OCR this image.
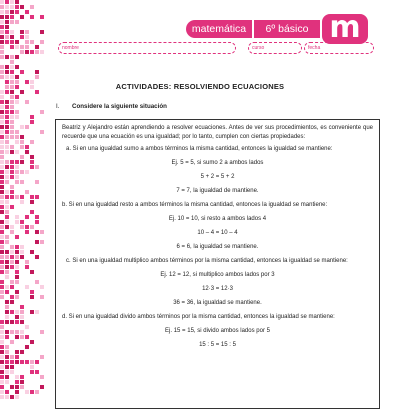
matemática	6º básico m
nombre	curso	fecha
ACTIVIDADES: RESOLVIENDO ECUACIONES
I. Considere la siguiente situación

Beatriz y Alejandro están aprendiendo a resolver ecuaciones. Antes de ver sus procedimientos, es conveniente que recuerde que una ecuación es una igualdad; por lo tanto, cumplen con ciertas propiedades:

a. Si en una igualdad sumo a ambos términos la misma cantidad, entonces la igualdad se mantiene:

Ej. 5 = 5, si sumo 2 a ambos lados
5 + 2 = 5 + 2
7 = 7, la igualdad de mantiene.

b. Si en una igualdad resto a ambos términos la misma cantidad, entonces la igualdad se mantiene:

Ej. 10 = 10, si resto a ambos lados 4
10 – 4 = 10 – 4
6 = 6, la igualdad se mantiene.

c. Si en una igualdad multiplico ambos términos por la misma cantidad, entonces la igualdad se mantiene:

Ej. 12 = 12, si multiplico ambos lados por 3
12·3 = 12·3
36 = 36, la igualdad se mantiene.

d. Si en una igualdad divido ambos términos por la misma cantidad, entonces la igualdad se mantiene:

Ej. 15 = 15, si divido ambos lados por 5
15 : 5 = 15 : 5
